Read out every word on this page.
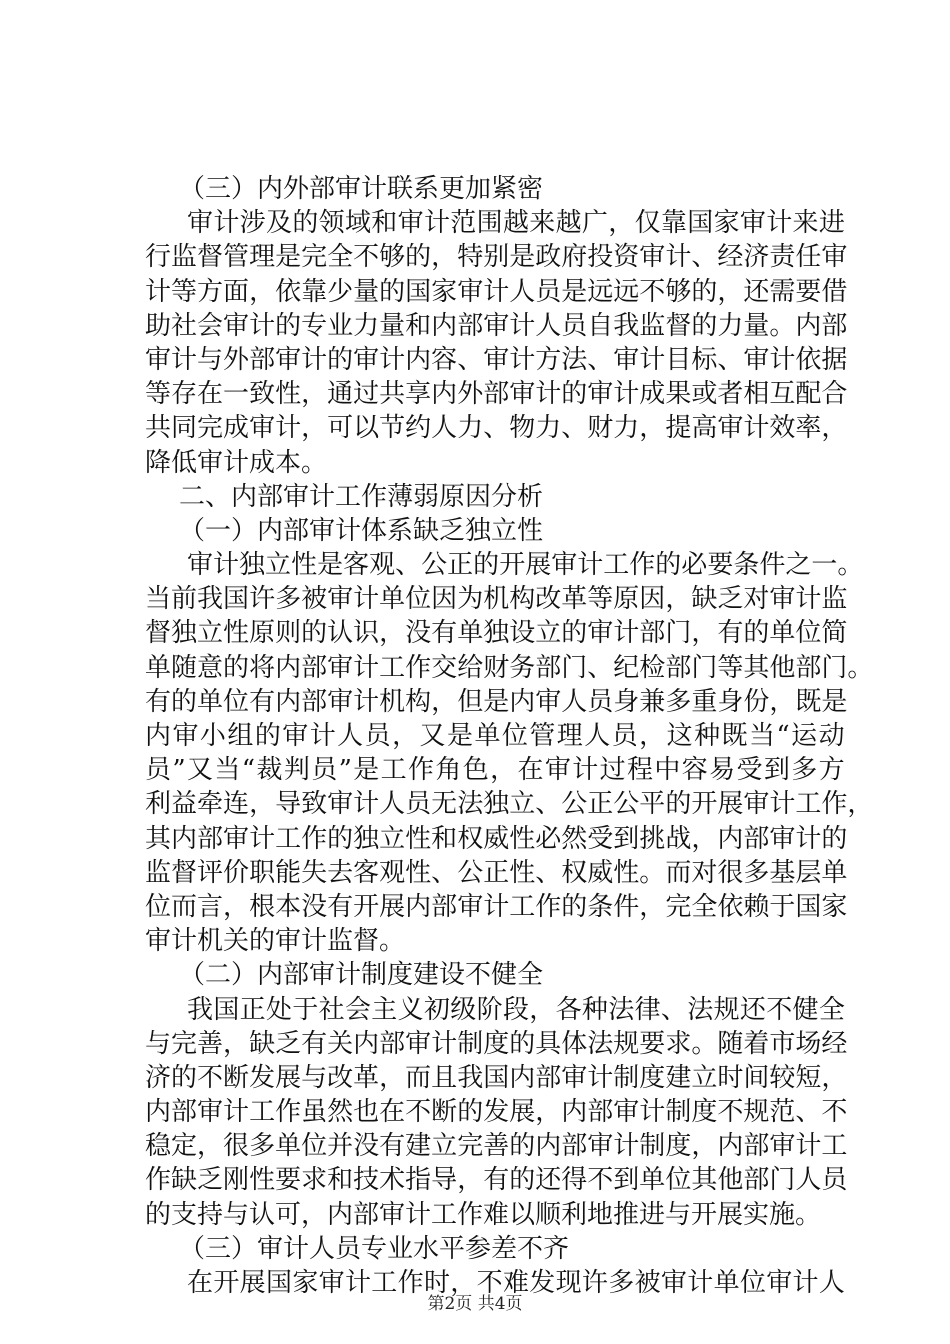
（三）内外部审计联系更加紧密
审 计 涉 及 的 领 域 和 审 计 范 围 越 来 越 广 ， 仅 靠 国 家 审 计 来 进
行 监 督 管 理 是 完 全 不 够 的 ， 特 别 是 政 府 投 资 审 计 、 经 济 责 任 审
计 等 方 面 ， 依 靠 少 量 的 国 家 审 计 人 员 是 远 远 不 够 的 ， 还 需 要 借
助 社 会 审 计 的 专 业 力 量 和 内 部 审 计 人 员 自 我 监 督 的 力 量 。 内 部
审 计 与 外 部 审 计 的 审 计 内 容 、 审 计 方 法 、 审 计 目 标 、 审 计 依 据
等 存 在 一 致 性 ， 通 过 共 享 内 外 部 审 计 的 审 计 成 果 或 者 相 互 配 合
共 同 完 成 审 计 ， 可 以 节 约 人 力 、 物 力 、 财 力 ， 提 高 审 计 效 率 ，
降低审计成本。
二、内部审计工作薄弱原因分析
（一）内部审计体系缺乏独立性
审 计 独 立 性 是 客 观 、 公 正 的 开 展 审 计 工 作 的 必 要 条 件 之 一 。
当 前 我 国 许 多 被 审 计 单 位 因 为 机 构 改 革 等 原 因 ， 缺 乏 对 审 计 监
督 独 立 性 原 则 的 认 识 ， 没 有 单 独 设 立 的 审 计 部 门 ， 有 的 单 位 简
单 随 意 的 将 内 部 审 计 工 作 交 给 财 务 部 门 、 纪 检 部 门 等 其 他 部 门 。
有 的 单 位 有 内 部 审 计 机 构 ， 但 是 内 审 人 员 身 兼 多 重 身 份 ， 既 是
内 审 小 组 的 审 计 人 员 ， 又 是 单 位 管 理 人 员 ， 这 种 既 当 “ 运 动
员 ” 又 当 “ 裁 判 员 ” 是 工 作 角 色 ， 在 审 计 过 程 中 容 易 受 到 多 方
利 益 牵 连 ， 导 致 审 计 人 员 无 法 独 立 、 公 正 公 平 的 开 展 审 计 工 作 ，
其 内 部 审 计 工 作 的 独 立 性 和 权 威 性 必 然 受 到 挑 战 ， 内 部 审 计 的
监 督 评 价 职 能 失 去 客 观 性 、 公 正 性 、 权 威 性 。 而 对 很 多 基 层 单
位 而 言 ， 根 本 没 有 开 展 内 部 审 计 工 作 的 条 件 ， 完 全 依 赖 于 国 家
审计机关的审计监督。
（二）内部审计制度建设不健全
我 国 正 处 于 社 会 主 义 初 级 阶 段 ， 各 种 法 律 、 法 规 还 不 健 全
与 完 善 ， 缺 乏 有 关 内 部 审 计 制 度 的 具 体 法 规 要 求 。 随 着 市 场 经
济 的 不 断 发 展 与 改 革 ， 而 且 我 国 内 部 审 计 制 度 建 立 时 间 较 短 ，
内 部 审 计 工 作 虽 然 也 在 不 断 的 发 展 ， 内 部 审 计 制 度 不 规 范 、 不
稳 定 ， 很 多 单 位 并 没 有 建 立 完 善 的 内 部 审 计 制 度 ， 内 部 审 计 工
作 缺 乏 刚 性 要 求 和 技 术 指 导 ， 有 的 还 得 不 到 单 位 其 他 部 门 人 员
的支持与认可，内部审计工作难以顺利地推进与开展实施。
（三）审计人员专业水平参差不齐
在 开 展 国 家 审 计 工 作 时 ， 不 难 发 现 许 多 被 审 计 单 位 审 计 人
第2页 共4页
